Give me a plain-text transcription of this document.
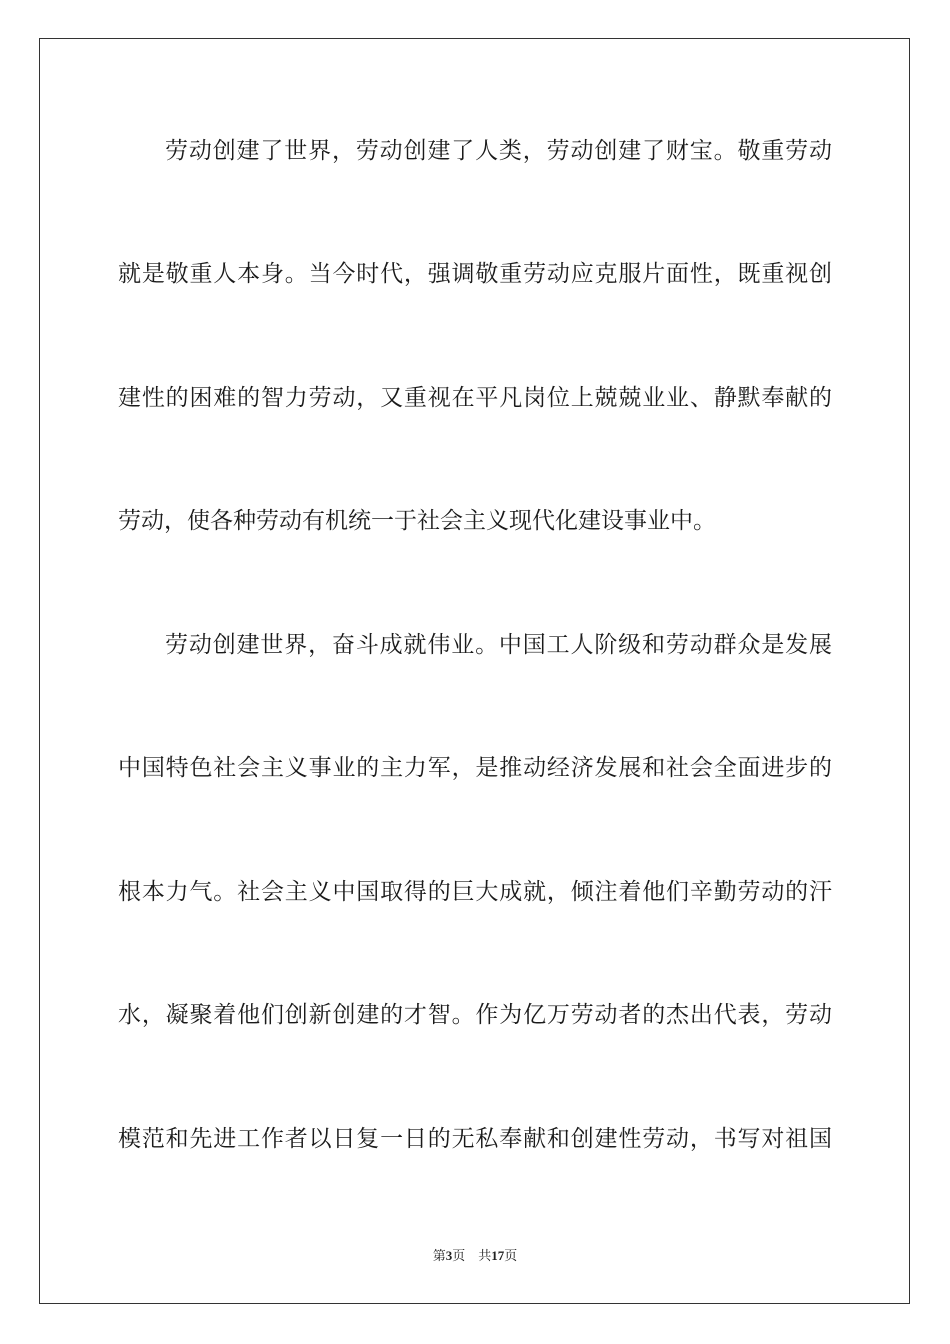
劳动创建了世界，劳动创建了人类，劳动创建了财宝。敬重劳动
就是敬重人本身。当今时代，强调敬重劳动应克服片面性，既重视创
建性的困难的智力劳动，又重视在平凡岗位上兢兢业业、静默奉献的
劳动，使各种劳动有机统一于社会主义现代化建设事业中。
劳动创建世界，奋斗成就伟业。中国工人阶级和劳动群众是发展
中国特色社会主义事业的主力军，是推动经济发展和社会全面进步的
根本力气。社会主义中国取得的巨大成就，倾注着他们辛勤劳动的汗
水，凝聚着他们创新创建的才智。作为亿万劳动者的杰出代表，劳动
模范和先进工作者以日复一日的无私奉献和创建性劳动，书写对祖国
第3页 共17页
